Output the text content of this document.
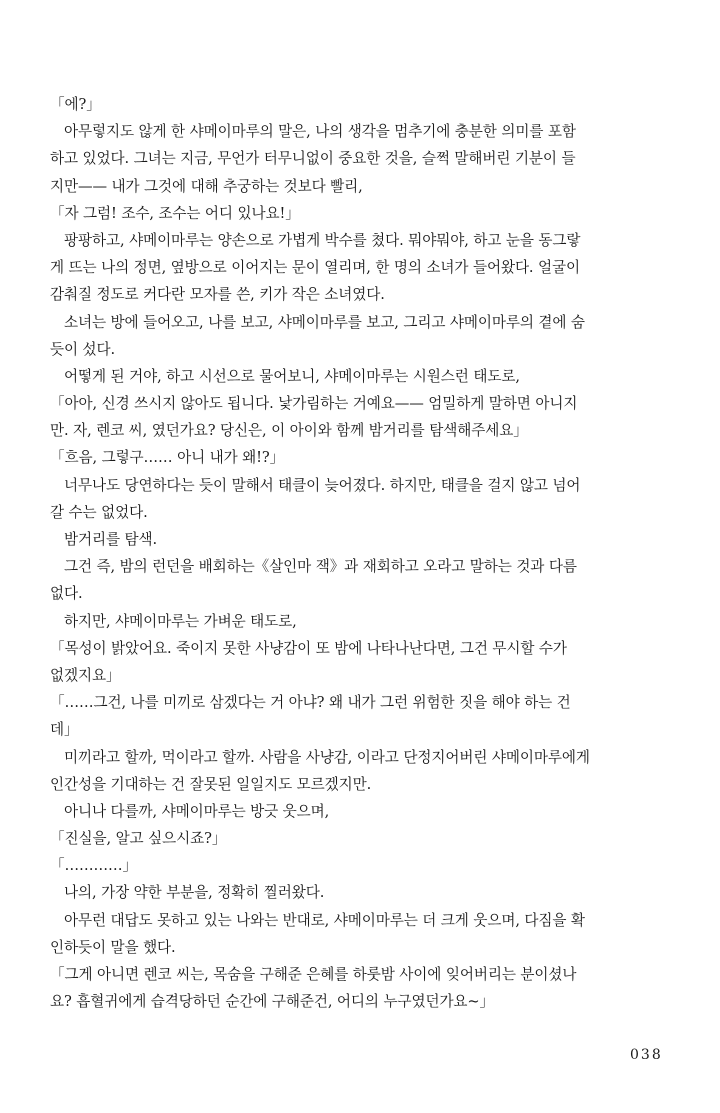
「에?」
아무렇지도 않게 한 샤메이마루의 말은, 나의 생각을 멈추기에 충분한 의미를 포함
하고 있었다. 그녀는 지금, 무언가 터무니없이 중요한 것을, 슬쩍 말해버린 기분이 들
지만—— 내가 그것에 대해 추궁하는 것보다 빨리,
「자 그럼! 조수, 조수는 어디 있나요!」
팡팡하고, 샤메이마루는 양손으로 가볍게 박수를 쳤다. 뭐야뭐야, 하고 눈을 동그랗
게 뜨는 나의 정면, 옆방으로 이어지는 문이 열리며, 한 명의 소녀가 들어왔다. 얼굴이
감춰질 정도로 커다란 모자를 쓴, 키가 작은 소녀였다.
소녀는 방에 들어오고, 나를 보고, 샤메이마루를 보고, 그리고 샤메이마루의 곁에 숨
듯이 섰다.
어떻게 된 거야, 하고 시선으로 물어보니, 샤메이마루는 시원스런 태도로,
「아아, 신경 쓰시지 않아도 됩니다. 낯가림하는 거예요—— 엄밀하게 말하면 아니지
만. 자, 렌코 씨, 였던가요? 당신은, 이 아이와 함께 밤거리를 탐색해주세요」
「흐음, 그렇구…… 아니 내가 왜!?」
너무나도 당연하다는 듯이 말해서 태클이 늦어졌다. 하지만, 태클을 걸지 않고 넘어
갈 수는 없었다.
밤거리를 탐색.
그건 즉, 밤의 런던을 배회하는《살인마 잭》과 재회하고 오라고 말하는 것과 다름
없다.
하지만, 샤메이마루는 가벼운 태도로,
「목성이 밝았어요. 죽이지 못한 사냥감이 또 밤에 나타나난다면, 그건 무시할 수가
없겠지요」
「……그건, 나를 미끼로 삼겠다는 거 아냐? 왜 내가 그런 위험한 짓을 해야 하는 건
데」
미끼라고 할까, 먹이라고 할까. 사람을 사냥감, 이라고 단정지어버린 샤메이마루에게
인간성을 기대하는 건 잘못된 일일지도 모르겠지만.
아니나 다를까, 샤메이마루는 방긋 웃으며,
「진실을, 알고 싶으시죠?」
「…………」
나의, 가장 약한 부분을, 정확히 찔러왔다.
아무런 대답도 못하고 있는 나와는 반대로, 샤메이마루는 더 크게 웃으며, 다짐을 확
인하듯이 말을 했다.
「그게 아니면 렌코 씨는, 목숨을 구해준 은혜를 하룻밤 사이에 잊어버리는 분이셨나
요? 흡혈귀에게 습격당하던 순간에 구해준건, 어디의 누구였던가요~」
038
